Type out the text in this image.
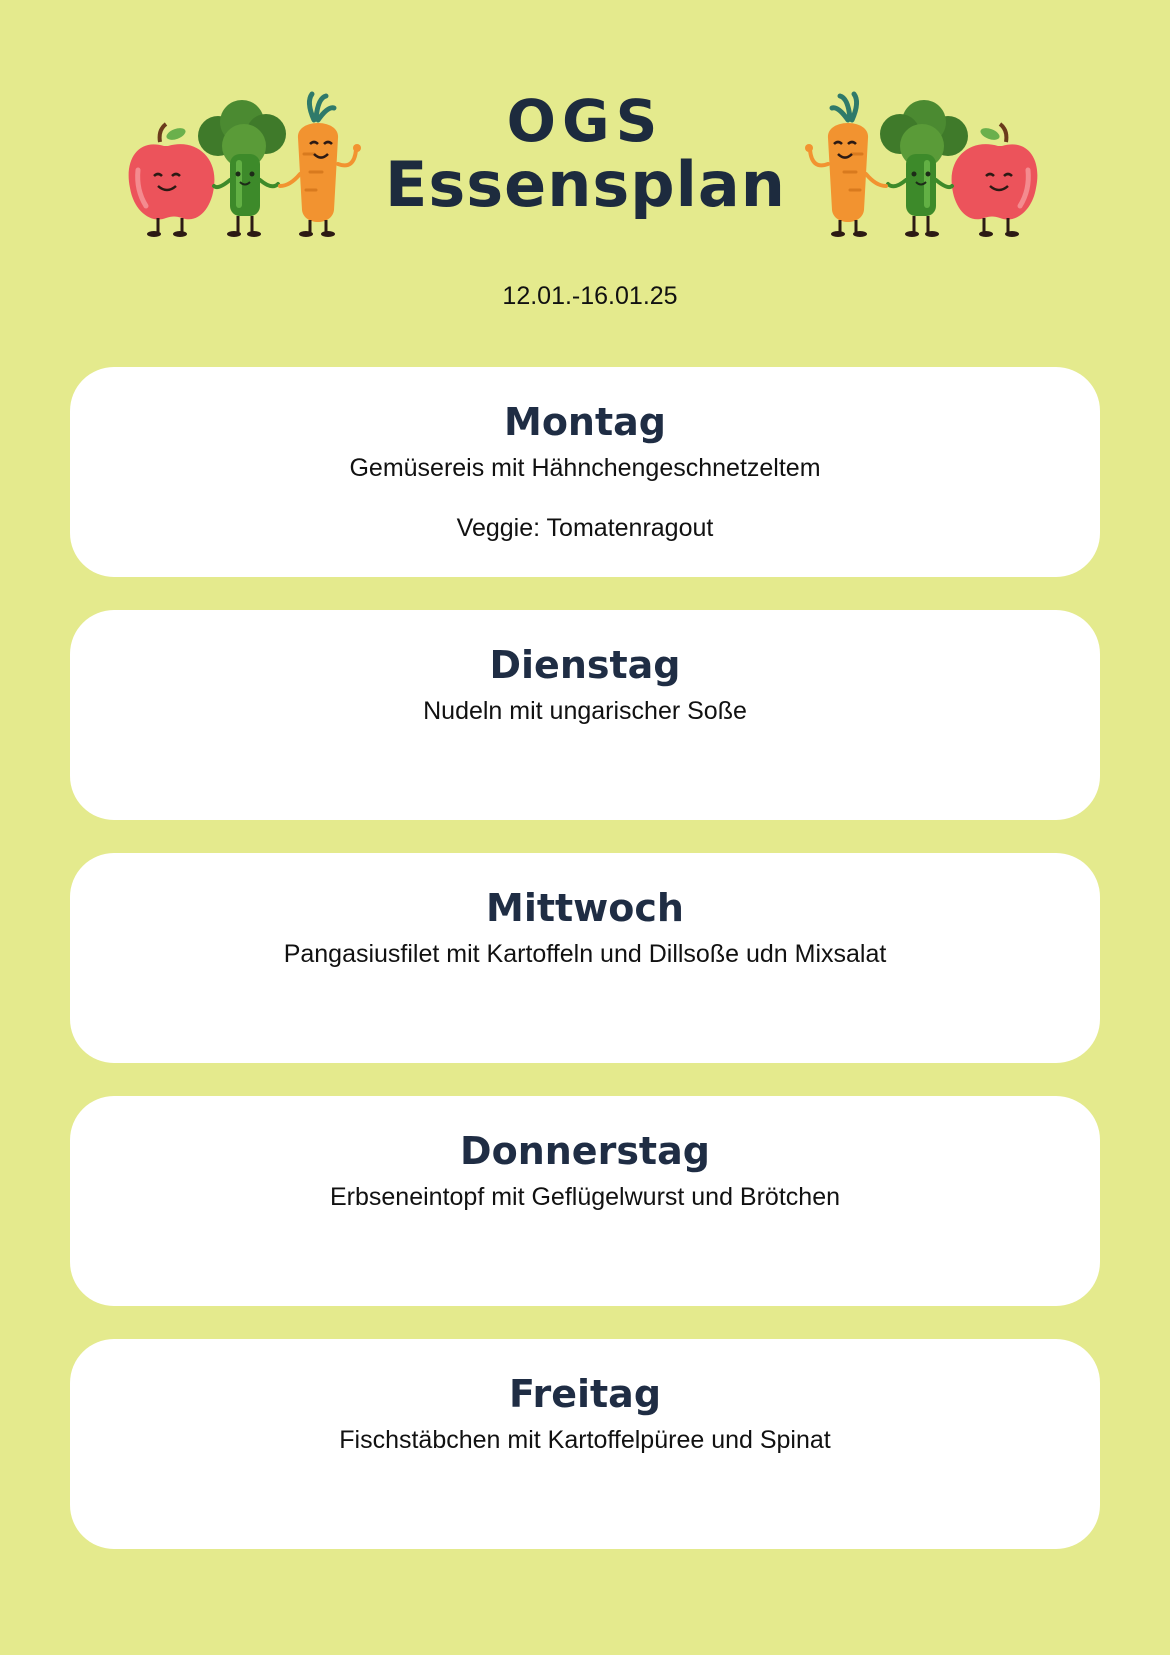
OGS
Essensplan
12.01.-16.01.25
Montag
Gemüsereis mit Hähnchengeschnetzeltem
Veggie: Tomatenragout
Dienstag
Nudeln mit ungarischer Soße
Mittwoch
Pangasiusfilet mit Kartoffeln und Dillsoße udn Mixsalat
Donnerstag
Erbseneintopf mit Geflügelwurst und Brötchen
Freitag
Fischstäbchen mit Kartoffelpüree und Spinat
